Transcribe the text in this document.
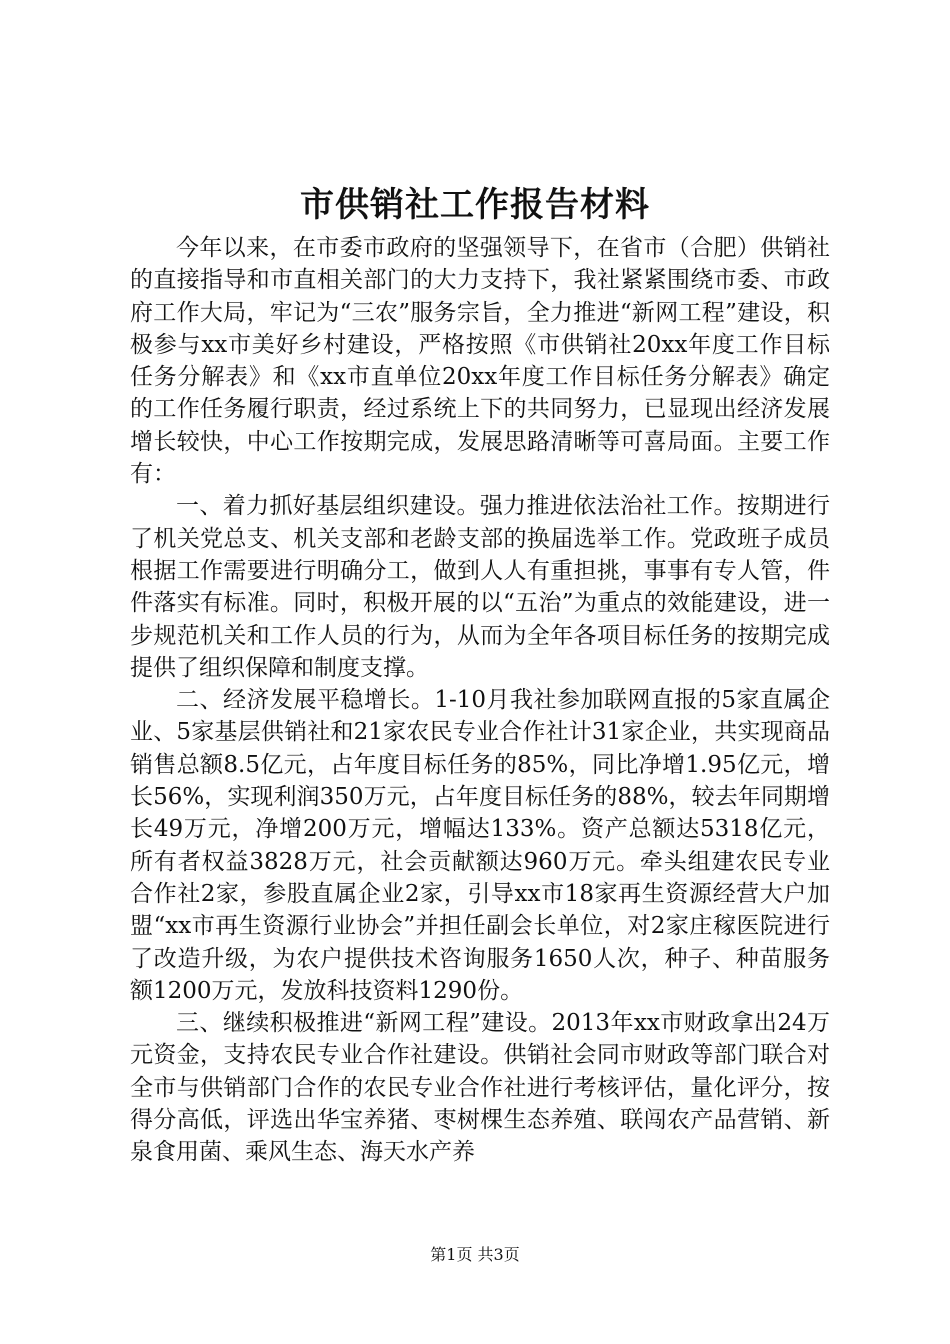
市供销社工作报告材料

今年以来，在市委市政府的坚强领导下，在省市（合肥）供销社的直接指导和市直相关部门的大力支持下，我社紧紧围绕市委、市政府工作大局，牢记为“三农”服务宗旨，全力推进“新网工程”建设，积极参与xx市美好乡村建设，严格按照《市供销社20xx年度工作目标任务分解表》和《xx市直单位20xx年度工作目标任务分解表》确定的工作任务履行职责，经过系统上下的共同努力，已显现出经济发展增长较快，中心工作按期完成，发展思路清晰等可喜局面。主要工作有：

一、着力抓好基层组织建设。强力推进依法治社工作。按期进行了机关党总支、机关支部和老龄支部的换届选举工作。党政班子成员根据工作需要进行明确分工，做到人人有重担挑，事事有专人管，件件落实有标准。同时，积极开展的以“五治”为重点的效能建设，进一步规范机关和工作人员的行为，从而为全年各项目标任务的按期完成提供了组织保障和制度支撑。

二、经济发展平稳增长。1-10月我社参加联网直报的5家直属企业、5家基层供销社和21家农民专业合作社计31家企业，共实现商品销售总额8.5亿元，占年度目标任务的85%，同比净增1.95亿元，增长56%，实现利润350万元，占年度目标任务的88%，较去年同期增长49万元，净增200万元，增幅达133%。资产总额达5318亿元，所有者权益3828万元，社会贡献额达960万元。牵头组建农民专业合作社2家，参股直属企业2家，引导xx市18家再生资源经营大户加盟“xx市再生资源行业协会”并担任副会长单位，对2家庄稼医院进行了改造升级，为农户提供技术咨询服务1650人次，种子、种苗服务额1200万元，发放科技资料1290份。

三、继续积极推进“新网工程”建设。2013年xx市财政拿出24万元资金，支持农民专业合作社建设。供销社会同市财政等部门联合对全市与供销部门合作的农民专业合作社进行考核评估，量化评分，按得分高低，评选出华宝养猪、枣树棵生态养殖、联闯农产品营销、新泉食用菌、乘风生态、海天水产养

第1页 共3页
